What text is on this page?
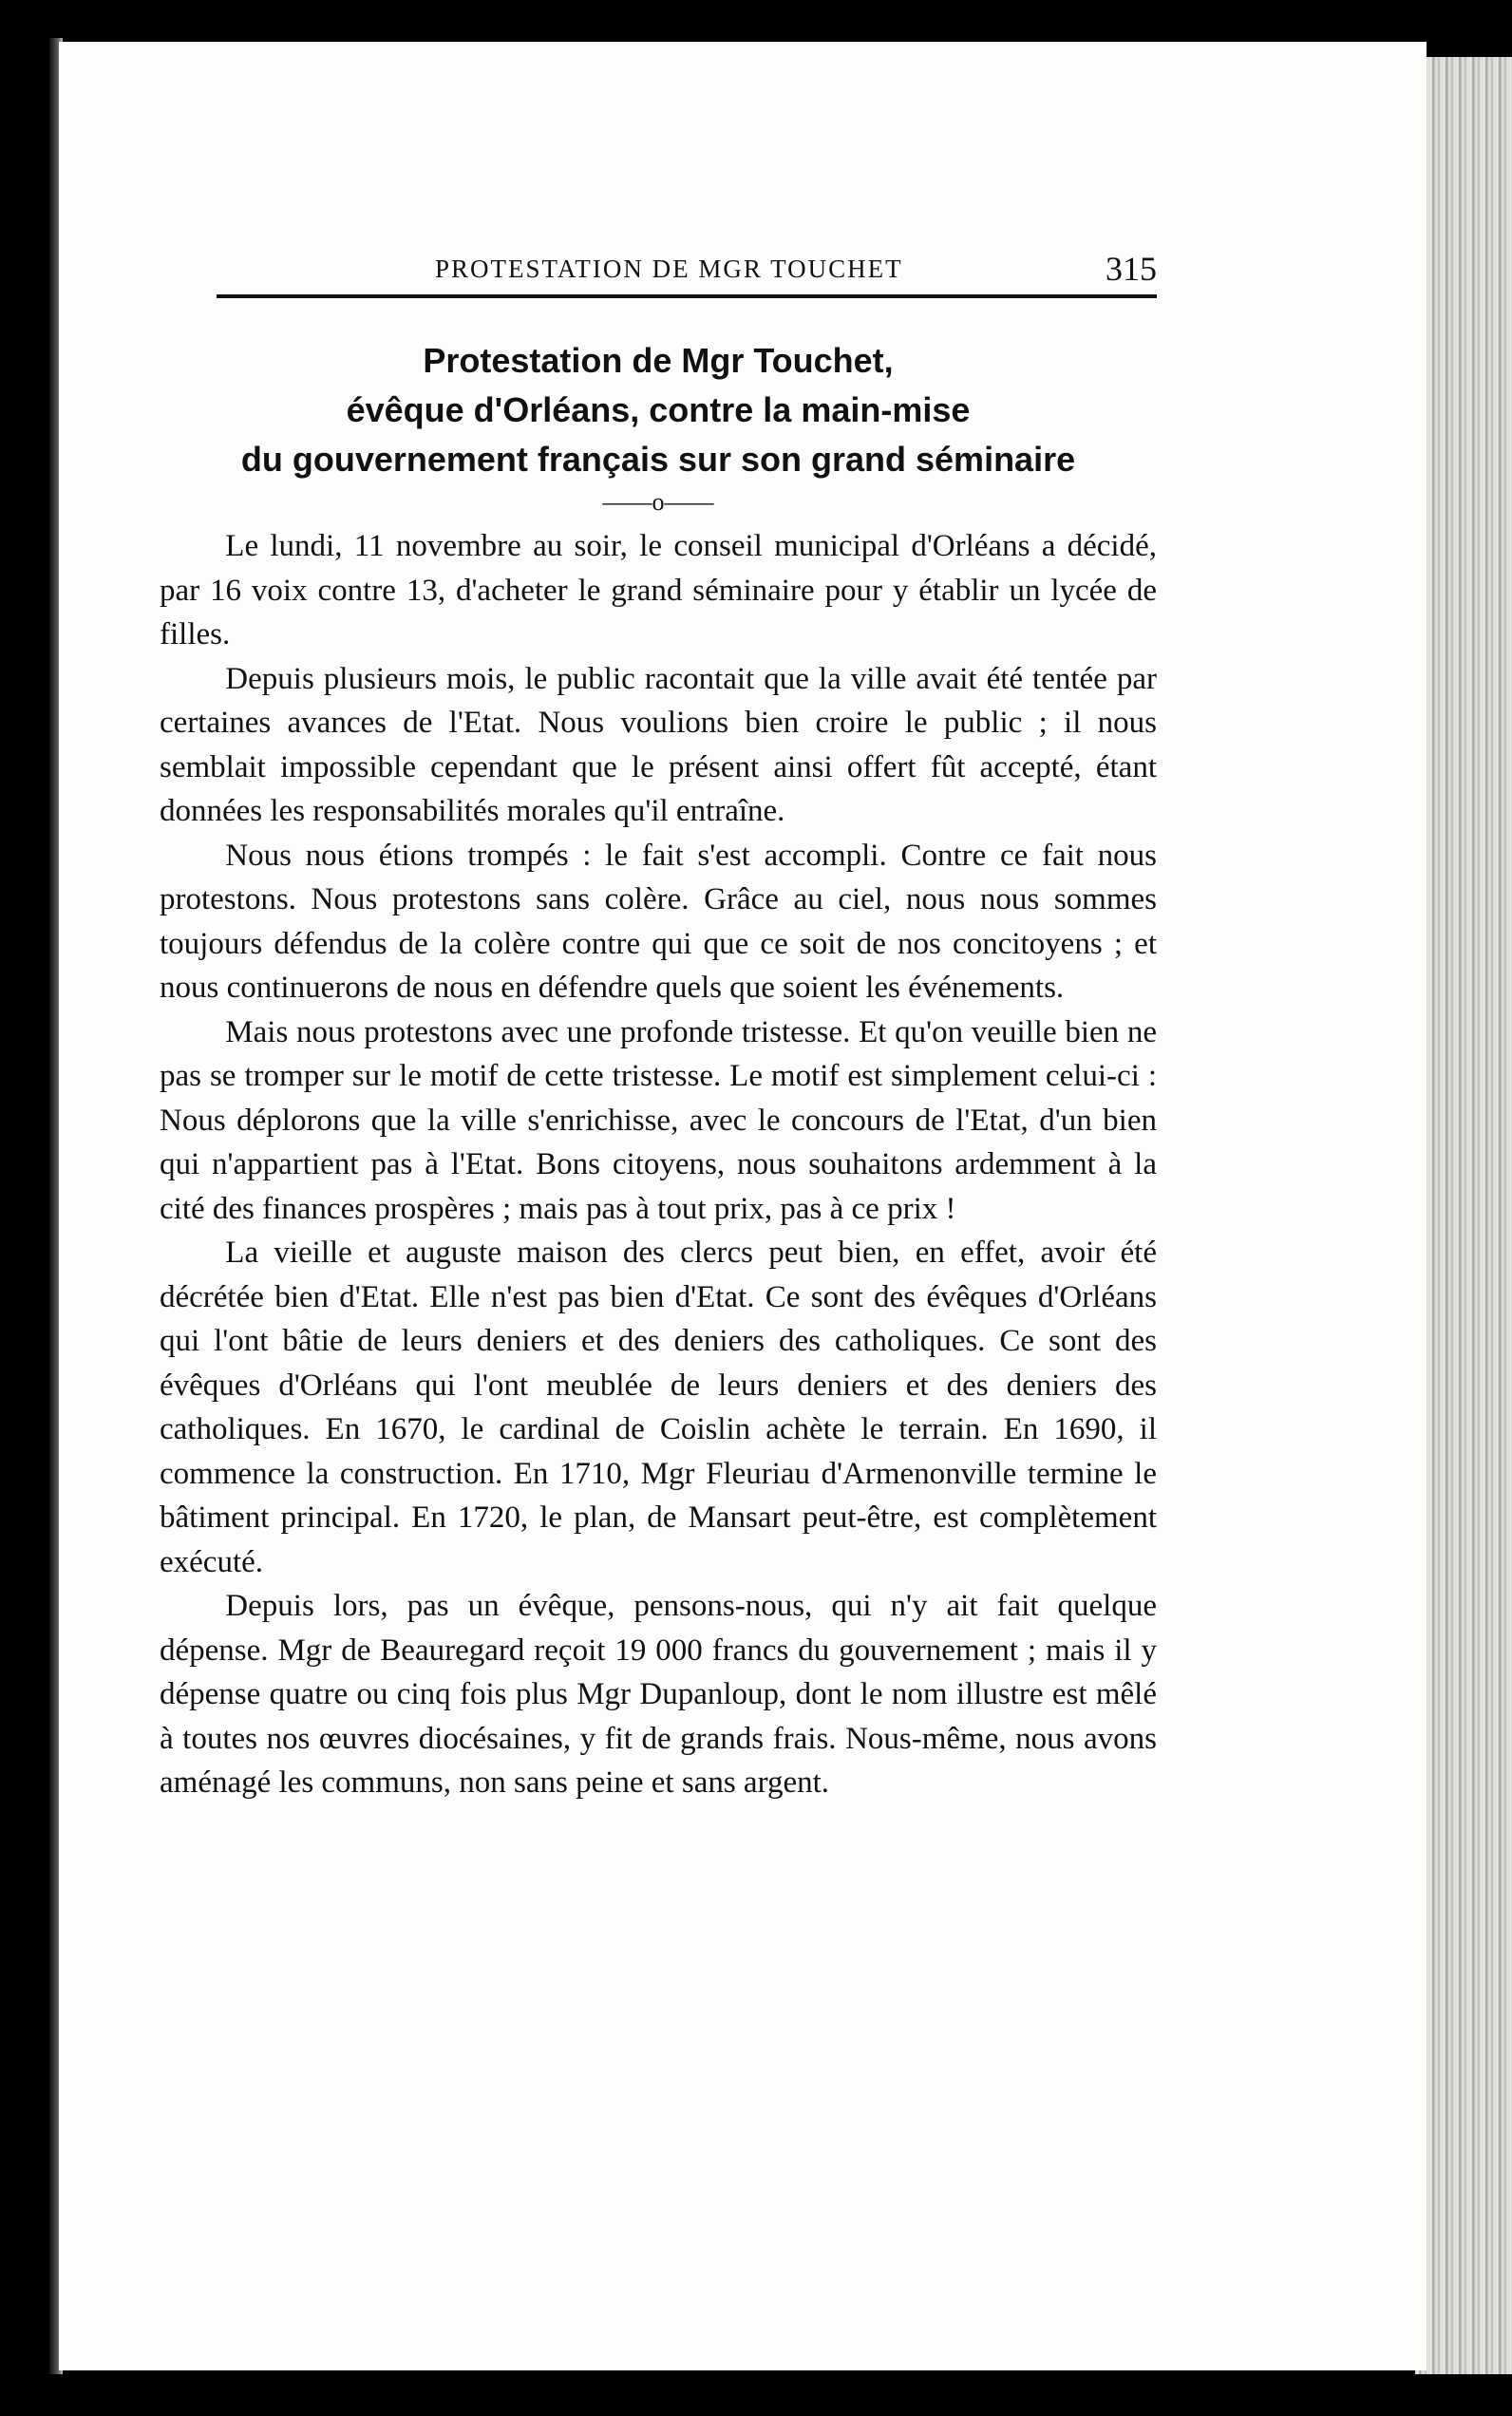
PROTESTATION DE MGR TOUCHET	315
Protestation de Mgr Touchet,
évêque d'Orléans, contre la main-mise
du gouvernement français sur son grand séminaire
——o——

Le lundi, 11 novembre au soir, le conseil municipal d'Orléans a décidé, par 16 voix contre 13, d'acheter le grand séminaire pour y établir un lycée de filles.

Depuis plusieurs mois, le public racontait que la ville avait été tentée par certaines avances de l'Etat. Nous voulions bien croire le public ; il nous semblait impossible cependant que le présent ainsi offert fût accepté, étant données les responsabilités morales qu'il entraîne.

Nous nous étions trompés : le fait s'est accompli. Contre ce fait nous protestons. Nous protestons sans colère. Grâce au ciel, nous nous sommes toujours défendus de la colère contre qui que ce soit de nos concitoyens ; et nous continuerons de nous en défendre quels que soient les événements.

Mais nous protestons avec une profonde tristesse. Et qu'on veuille bien ne pas se tromper sur le motif de cette tristesse. Le motif est simplement celui-ci : Nous déplorons que la ville s'enrichisse, avec le concours de l'Etat, d'un bien qui n'appartient pas à l'Etat. Bons citoyens, nous souhaitons ardemment à la cité des finances prospères ; mais pas à tout prix, pas à ce prix !

La vieille et auguste maison des clercs peut bien, en effet, avoir été décrétée bien d'Etat. Elle n'est pas bien d'Etat. Ce sont des évêques d'Orléans qui l'ont bâtie de leurs deniers et des deniers des catholiques. Ce sont des évêques d'Orléans qui l'ont meublée de leurs deniers et des deniers des catholiques. En 1670, le cardinal de Coislin achète le terrain. En 1690, il commence la construction. En 1710, Mgr Fleuriau d'Armenonville termine le bâtiment principal. En 1720, le plan, de Mansart peut-être, est complètement exécuté.

Depuis lors, pas un évêque, pensons-nous, qui n'y ait fait quelque dépense. Mgr de Beauregard reçoit 19 000 francs du gouvernement ; mais il y dépense quatre ou cinq fois plus Mgr Dupanloup, dont le nom illustre est mêlé à toutes nos œuvres diocésaines, y fit de grands frais. Nous-même, nous avons aménagé les communs, non sans peine et sans argent.
